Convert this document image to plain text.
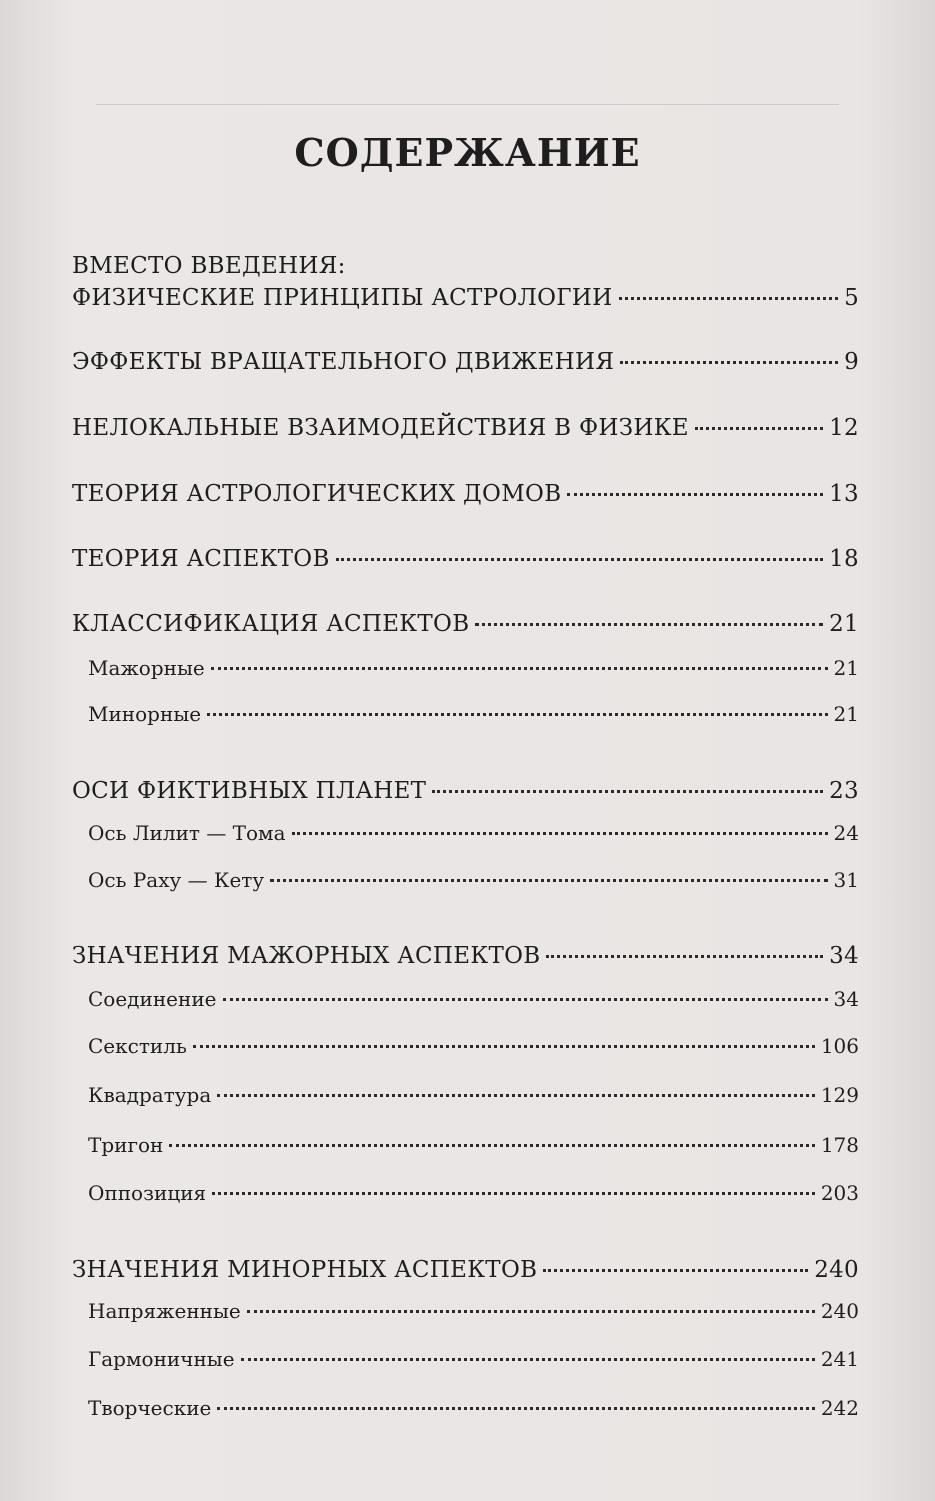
СОДЕРЖАНИЕ
ВМЕСТО ВВЕДЕНИЯ:
ФИЗИЧЕСКИЕ ПРИНЦИПЫ АСТРОЛОГИИ	5
ЭФФЕКТЫ ВРАЩАТЕЛЬНОГО ДВИЖЕНИЯ	9
НЕЛОКАЛЬНЫЕ ВЗАИМОДЕЙСТВИЯ В ФИЗИКЕ	12
ТЕОРИЯ АСТРОЛОГИЧЕСКИХ ДОМОВ	13
ТЕОРИЯ АСПЕКТОВ	18
КЛАССИФИКАЦИЯ АСПЕКТОВ	21
Мажорные	21
Минорные	21
ОСИ ФИКТИВНЫХ ПЛАНЕТ	23
Ось Лилит — Тома	24
Ось Раху — Кету	31
ЗНАЧЕНИЯ МАЖОРНЫХ АСПЕКТОВ	34
Соединение	34
Секстиль	106
Квадратура	129
Тригон	178
Оппозиция	203
ЗНАЧЕНИЯ МИНОРНЫХ АСПЕКТОВ	240
Напряженные	240
Гармоничные	241
Творческие	242
